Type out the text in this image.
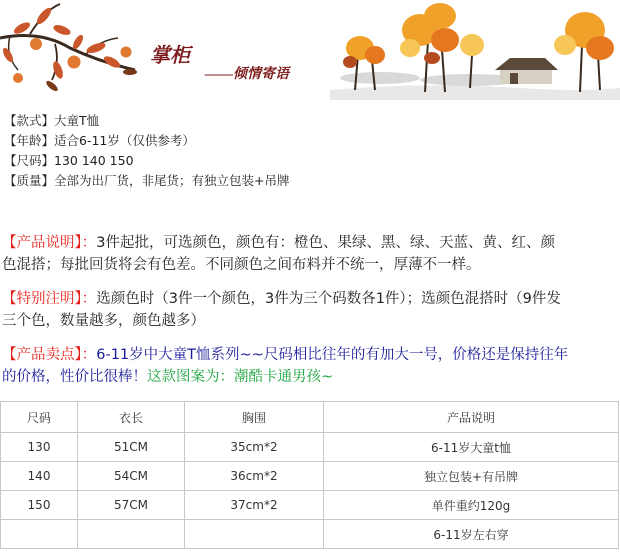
掌柜
——倾情寄语
【款式】大童T恤
【年龄】适合6-11岁（仅供参考）
【尺码】130 140 150
【质量】全部为出厂货，非尾货；有独立包装+吊牌
【产品说明】：3件起批，可选颜色，颜色有：橙色、果绿、黑、绿、天蓝、黄、红、颜
色混搭；每批回货将会有色差。不同颜色之间布料并不统一，厚薄不一样。
【特别注明】：选颜色时（3件一个颜色，3件为三个码数各1件）；选颜色混搭时（9件发
三个色，数量越多，颜色越多）
【产品卖点】：6-11岁中大童T恤系列~~尺码相比往年的有加大一号，价格还是保持往年
的价格，性价比很棒！这款图案为：潮酷卡通男孩~
尺码	衣长	胸围	产品说明
130	51CM	35cm*2	6-11岁大童t恤
140	54CM	36cm*2	独立包装+有吊牌
150	57CM	37cm*2	单件重约120g
			6-11岁左右穿
